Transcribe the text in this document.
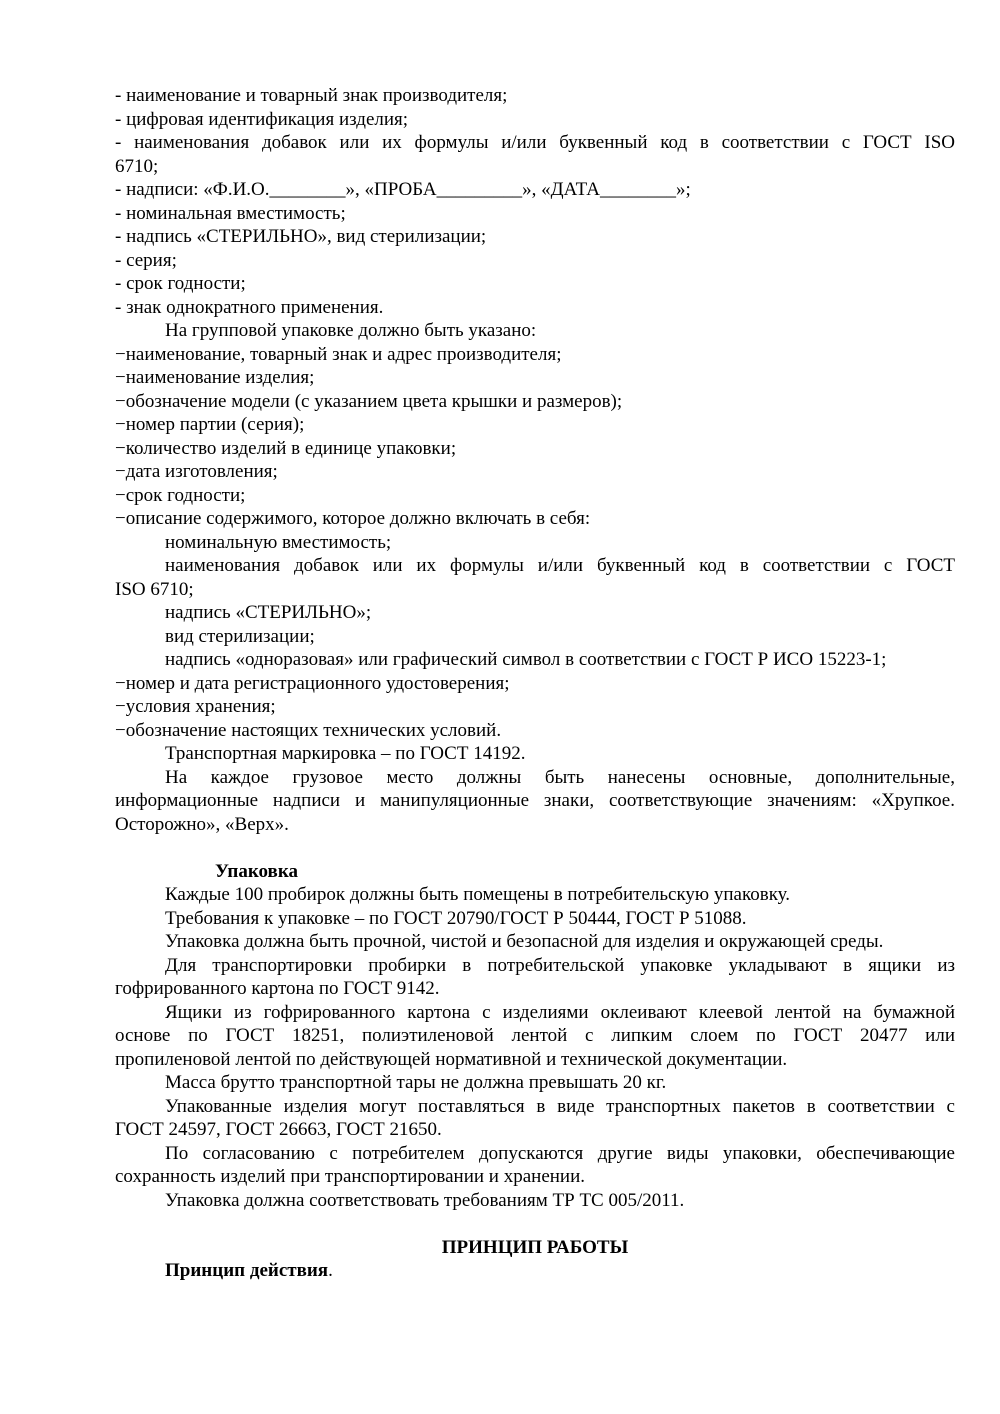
- наименование и товарный знак производителя;
- цифровая идентификация изделия;
- наименования добавок или их формулы и/или буквенный код в соответствии с ГОСТ ISO
6710;
- надписи: «Ф.И.О.________», «ПРОБА_________», «ДАТА________»;
- номинальная вместимость;
- надпись «СТЕРИЛЬНО», вид стерилизации;
- серия;
- срок годности;
- знак однократного применения.
На групповой упаковке должно быть указано:
−наименование, товарный знак и адрес производителя;
−наименование изделия;
−обозначение модели (с указанием цвета крышки и размеров);
−номер партии (серия);
−количество изделий в единице упаковки;
−дата изготовления;
−срок годности;
−описание содержимого, которое должно включать в себя:
номинальную вместимость;
наименования добавок или их формулы и/или буквенный код в соответствии с ГОСТ
ISO 6710;
надпись «СТЕРИЛЬНО»;
вид стерилизации;
надпись «одноразовая» или графический символ в соответствии с ГОСТ Р ИСО 15223-1;
−номер и дата регистрационного удостоверения;
−условия хранения;
−обозначение настоящих технических условий.
Транспортная маркировка – по ГОСТ 14192.
На каждое грузовое место должны быть нанесены основные, дополнительные,
информационные надписи и манипуляционные знаки, соответствующие значениям: «Хрупкое.
Осторожно», «Верх».
Упаковка
Каждые 100 пробирок должны быть помещены в потребительскую упаковку.
Требования к упаковке – по ГОСТ 20790/ГОСТ Р 50444, ГОСТ Р 51088.
Упаковка должна быть прочной, чистой и безопасной для изделия и окружающей среды.
Для транспортировки пробирки в потребительской упаковке укладывают в ящики из
гофрированного картона по ГОСТ 9142.
Ящики из гофрированного картона с изделиями оклеивают клеевой лентой на бумажной
основе по ГОСТ 18251, полиэтиленовой лентой с липким слоем по ГОСТ 20477 или
пропиленовой лентой по действующей нормативной и технической документации.
Масса брутто транспортной тары не должна превышать 20 кг.
Упакованные изделия могут поставляться в виде транспортных пакетов в соответствии с
ГОСТ 24597, ГОСТ 26663, ГОСТ 21650.
По согласованию с потребителем допускаются другие виды упаковки, обеспечивающие
сохранность изделий при транспортировании и хранении.
Упаковка должна соответствовать требованиям ТР ТС 005/2011.
ПРИНЦИП РАБОТЫ
Принцип действия.
